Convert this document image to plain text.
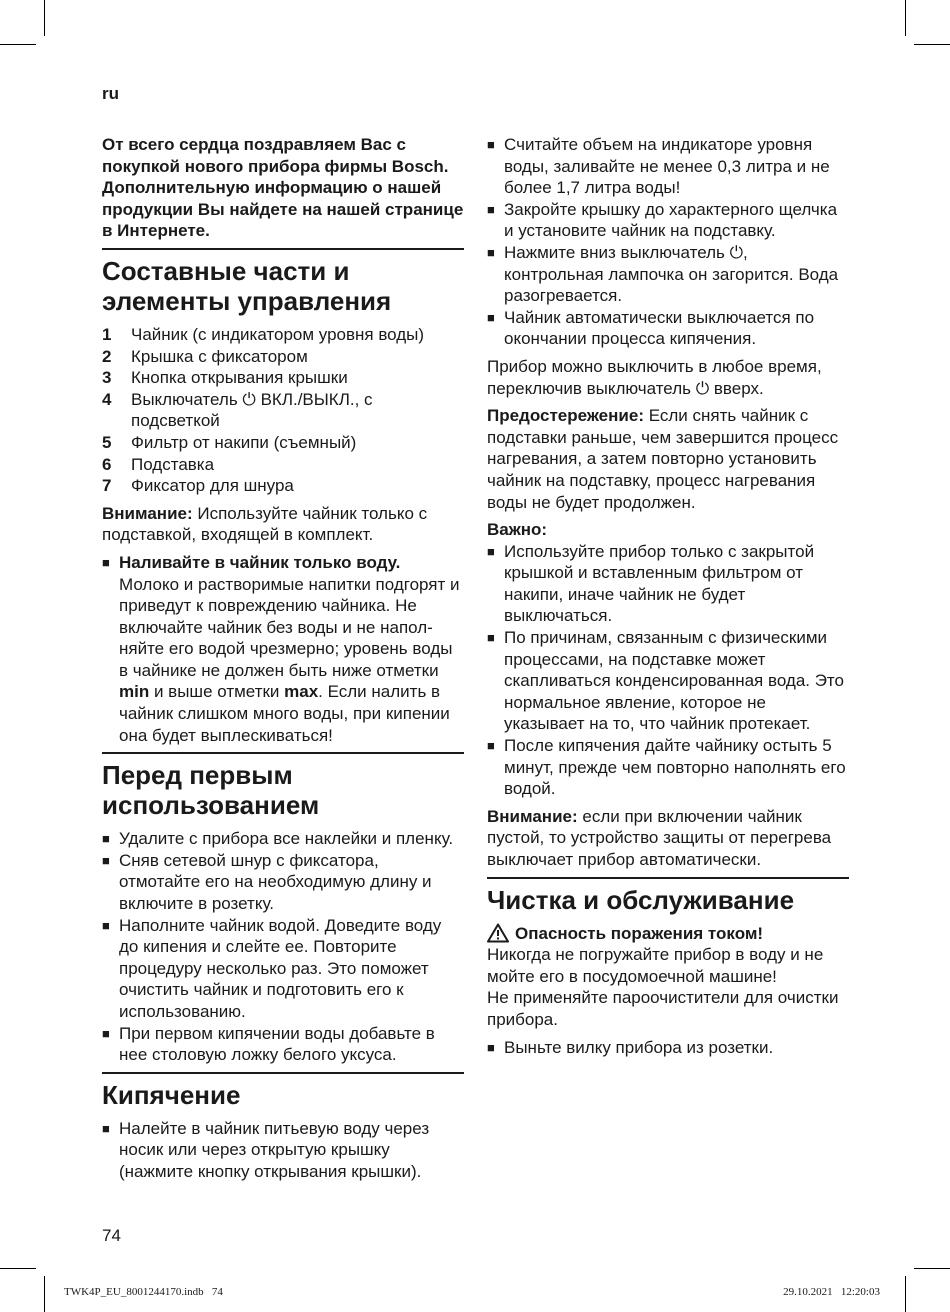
ru

От всего сердца поздравляем Вас с покупкой нового прибора фирмы Bosch. Дополнительную информацию о нашей продукции Вы найдете на нашей странице в Интернете.

Составные части и элементы управления
1	Чайник (с индикатором уровня воды)
2	Крышка с фиксатором
3	Кнопка открывания крышки
4	Выключатель ⏻ ВКЛ./ВЫКЛ., с подсветкой
5	Фильтр от накипи (съемный)
6	Подставка
7	Фиксатор для шнура

Внимание: Используйте чайник только с подставкой, входящей в комплект.

■ Наливайте в чайник только воду.
Молоко и растворимые напитки подгорят и приведут к повреждению чайника. Не включайте чайник без воды и не наполняйте его водой чрезмерно; уровень воды в чайнике не должен быть ниже отметки min и выше отметки max. Если налить в чайник слишком много воды, при кипении она будет выплескиваться!
Перед первым использованием
■ Удалите с прибора все наклейки и пленку.
■ Сняв сетевой шнур с фиксатора, отмотайте его на необходимую длину и включите в розетку.
■ Наполните чайник водой. Доведите воду до кипения и слейте ее. Повторите процедуру несколько раз. Это поможет очистить чайник и подготовить его к использованию.
■ При первом кипячении воды добавьте в нее столовую ложку белого уксуса.
Кипячение
■ Налейте в чайник питьевую воду через носик или через открытую крышку (нажмите кнопку открывания крышки).
■ Считайте объем на индикаторе уровня воды, заливайте не менее 0,3 литра и не более 1,7 литра воды!
■ Закройте крышку до характерного щелчка и установите чайник на подставку.
■ Нажмите вниз выключатель ⏻, контрольная лампочка он загорится. Вода разогревается.
■ Чайник автоматически выключается по окончании процесса кипячения.

Прибор можно выключить в любое время, переключив выключатель ⏻ вверх.

Предостережение: Если снять чайник с подставки раньше, чем завершится процесс нагревания, а затем повторно установить чайник на подставку, процесс нагревания воды не будет продолжен.

Важно:

■ Используйте прибор только с закрытой крышкой и вставленным фильтром от накипи, иначе чайник не будет выключаться.
■ По причинам, связанным с физическими процессами, на подставке может скапливаться конденсированная вода. Это нормальное явление, которое не указывает на то, что чайник протекает.
■ После кипячения дайте чайнику остыть 5 минут, прежде чем повторно наполнять его водой.

Внимание: если при включении чайник пустой, то устройство защиты от перегрева выключает прибор автоматически.

Чистка и обслуживание
Опасность поражения током!

Никогда не погружайте прибор в воду и не мойте его в посудомоечной машине!

Не применяйте пароочистители для очистки прибора.

■ Выньте вилку прибора из розетки.
74
TWK4P_EU_8001244170.indb   74	29.10.2021   12:20:03
